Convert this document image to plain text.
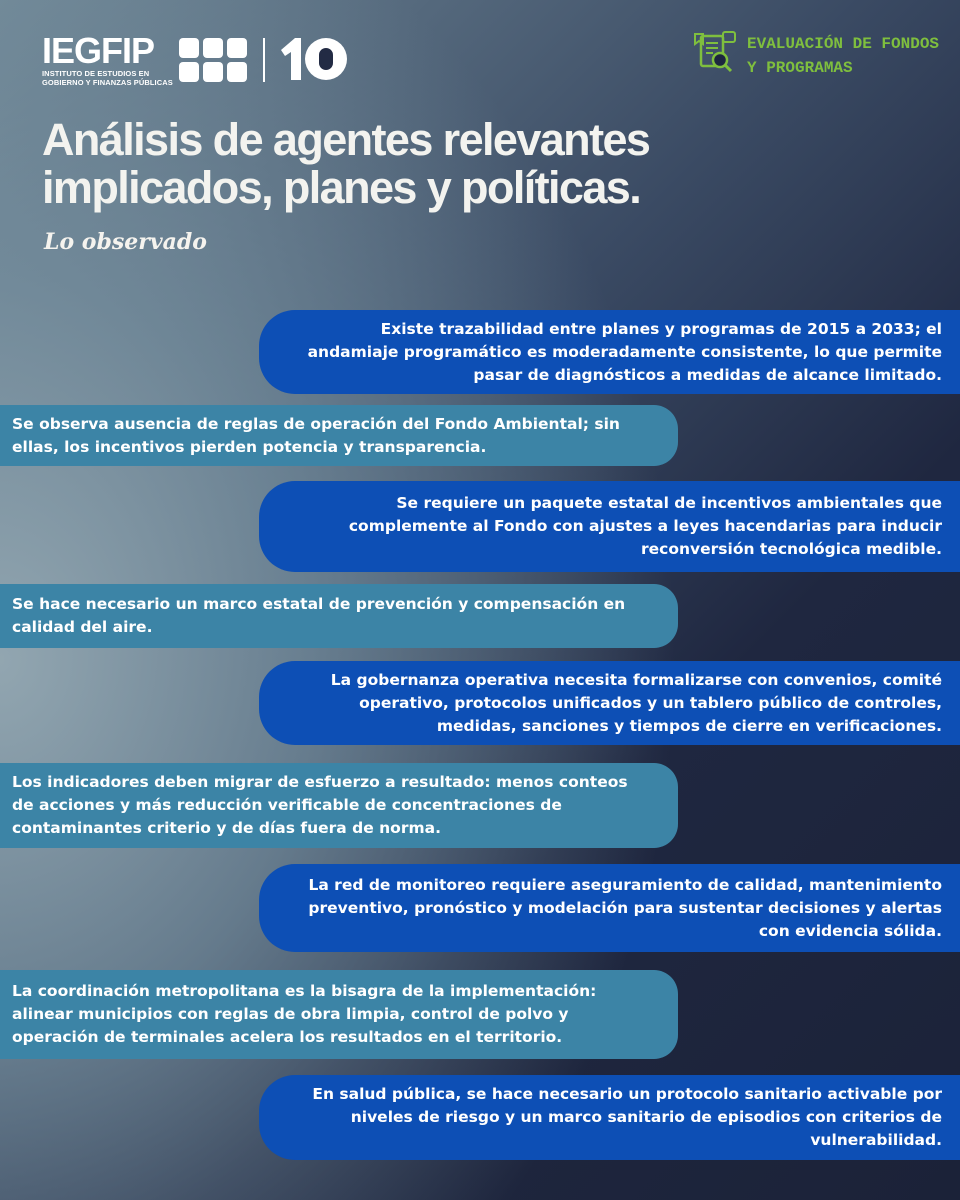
IEGFIP
INSTITUTO DE ESTUDIOS EN
GOBIERNO Y FINANZAS PÚBLICAS
EVALUACIÓN DE FONDOS
Y PROGRAMAS
Análisis de agentes relevantes
implicados, planes y políticas.
Lo observado
Existe trazabilidad entre planes y programas de 2015 a 2033; el andamiaje programático es moderadamente consistente, lo que permite pasar de diagnósticos a medidas de alcance limitado.
Se observa ausencia de reglas de operación del Fondo Ambiental; sin ellas, los incentivos pierden potencia y transparencia.
Se requiere un paquete estatal de incentivos ambientales que complemente al Fondo con ajustes a leyes hacendarias para inducir reconversión tecnológica medible.
Se hace necesario un marco estatal de prevención y compensación en calidad del aire.
La gobernanza operativa necesita formalizarse con convenios, comité operativo, protocolos unificados y un tablero público de controles, medidas, sanciones y tiempos de cierre en verificaciones.
Los indicadores deben migrar de esfuerzo a resultado: menos conteos de acciones y más reducción verificable de concentraciones de contaminantes criterio y de días fuera de norma.
La red de monitoreo requiere aseguramiento de calidad, mantenimiento preventivo, pronóstico y modelación para sustentar decisiones y alertas con evidencia sólida.
La coordinación metropolitana es la bisagra de la implementación: alinear municipios con reglas de obra limpia, control de polvo y operación de terminales acelera los resultados en el territorio.
En salud pública, se hace necesario un protocolo sanitario activable por niveles de riesgo y un marco sanitario de episodios con criterios de vulnerabilidad.
